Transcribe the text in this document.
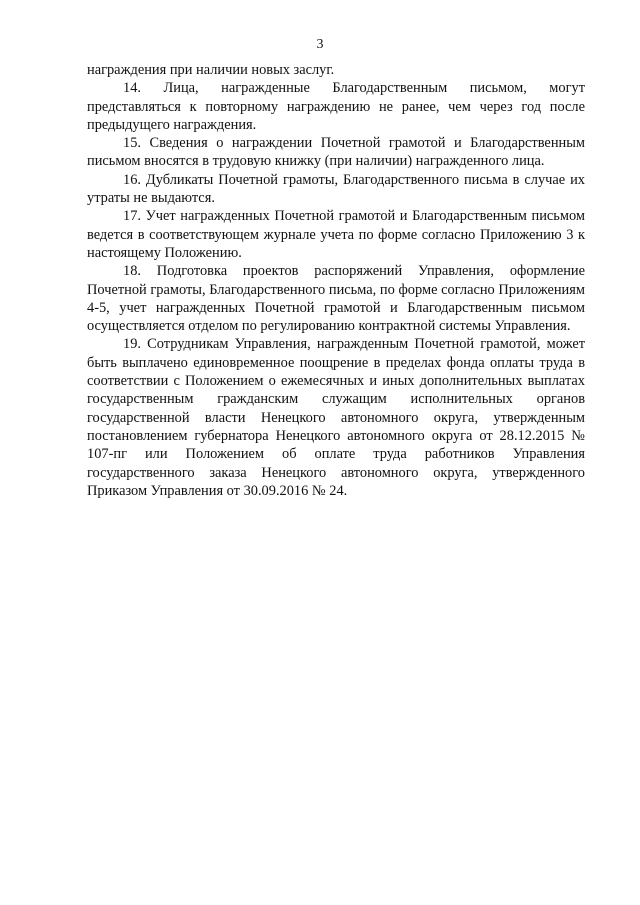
3

награждения при наличии новых заслуг.

14. Лица, награжденные Благодарственным письмом, могут представляться к повторному награждению не ранее, чем через год после предыдущего награждения.

15. Сведения о награждении Почетной грамотой и Благодарственным письмом вносятся в трудовую книжку (при наличии) награжденного лица.

16. Дубликаты Почетной грамоты, Благодарственного письма в случае их утраты не выдаются.

17. Учет награжденных Почетной грамотой и Благодарственным письмом ведется в соответствующем журнале учета по форме согласно Приложению 3 к настоящему Положению.

18. Подготовка проектов распоряжений Управления, оформление Почетной грамоты, Благодарственного письма, по форме согласно Приложениям 4-5, учет награжденных Почетной грамотой и Благодарственным письмом осуществляется отделом по регулированию контрактной системы Управления.

19. Сотрудникам Управления, награжденным Почетной грамотой, может быть выплачено единовременное поощрение в пределах фонда оплаты труда в соответствии с Положением о ежемесячных и иных дополнительных выплатах государственным гражданским служащим исполнительных органов государственной власти Ненецкого автономного округа, утвержденным постановлением губернатора Ненецкого автономного округа от 28.12.2015 № 107-пг или Положением об оплате труда работников Управления государственного заказа Ненецкого автономного округа, утвержденного Приказом Управления от 30.09.2016 № 24.
